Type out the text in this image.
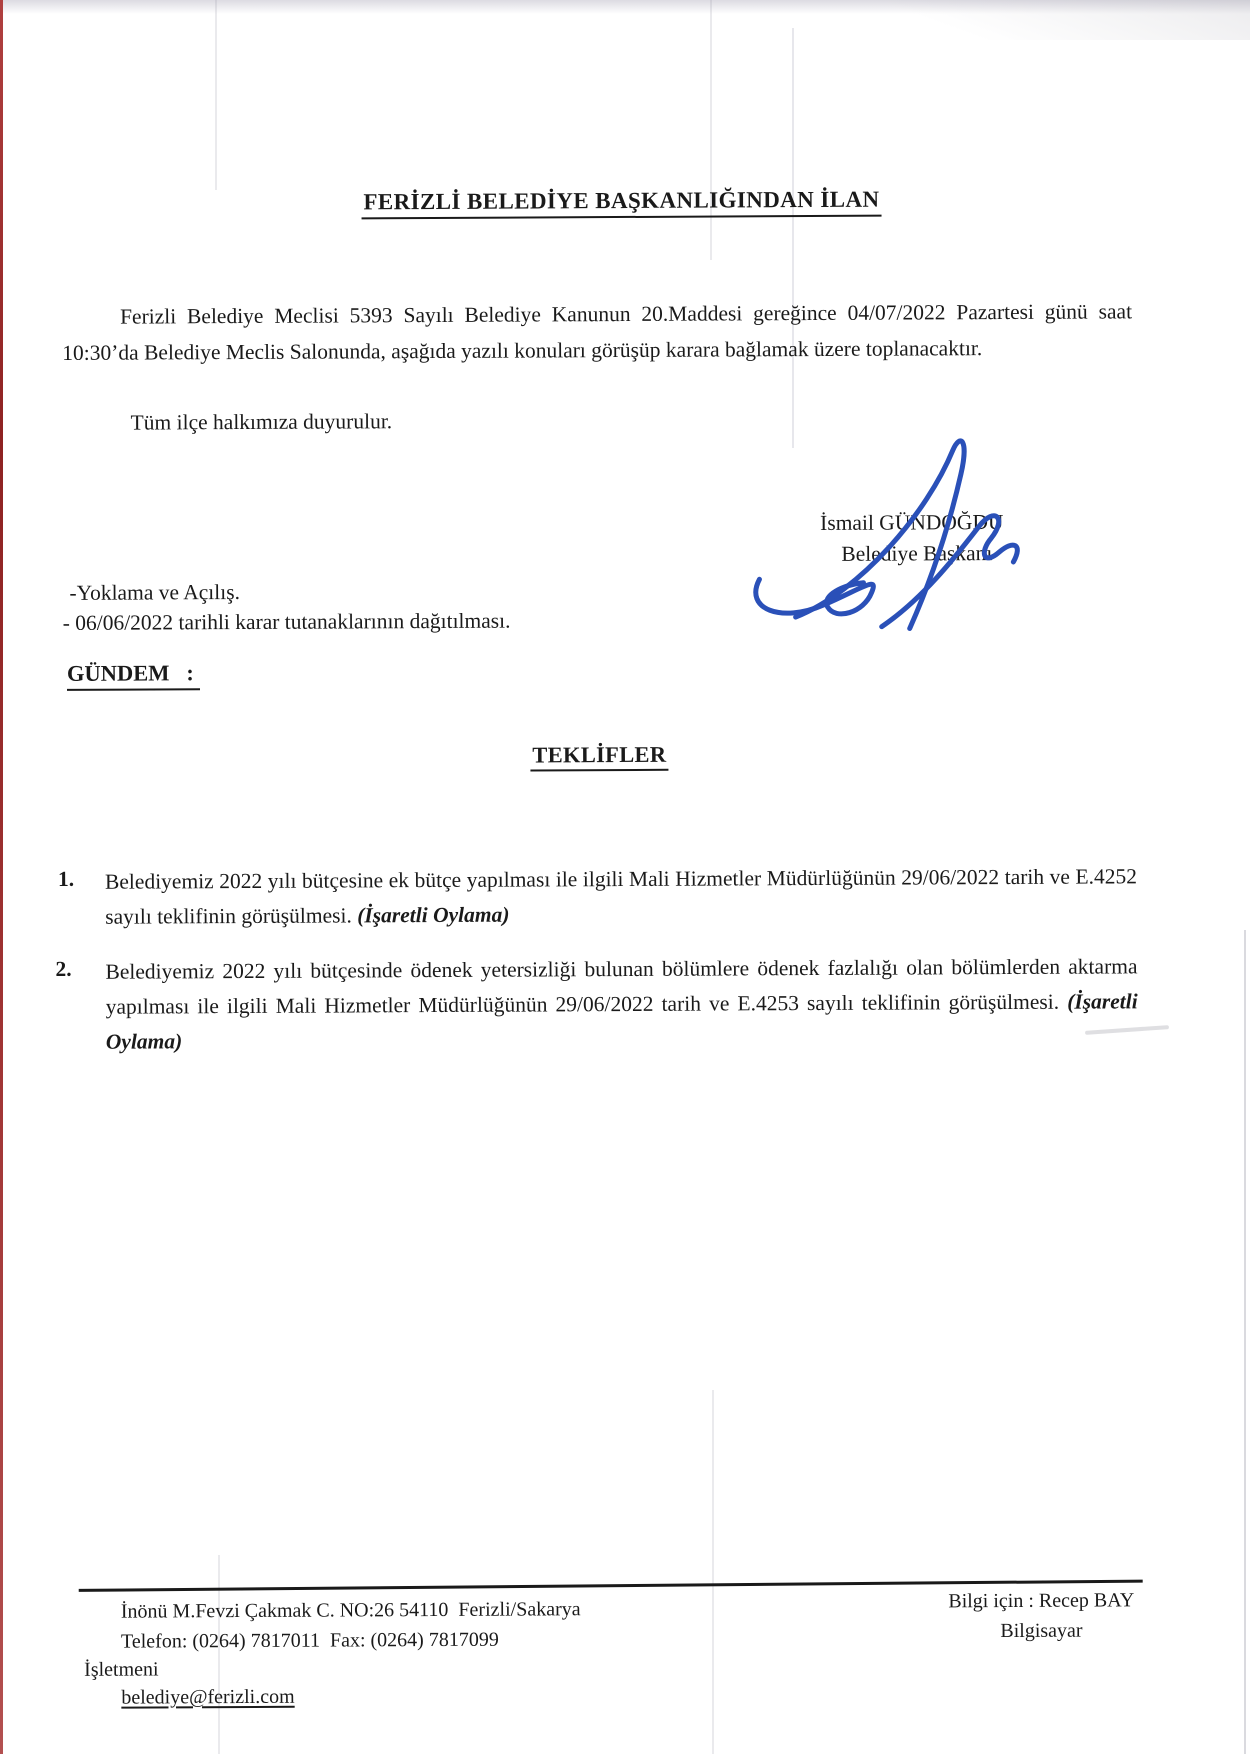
FERİZLİ BELEDİYE BAŞKANLIĞINDAN İLAN
Ferizli Belediye Meclisi 5393 Sayılı Belediye Kanunun 20.Maddesi gereğince 04/07/2022 Pazartesi günü saat 10:30’da Belediye Meclis Salonunda, aşağıda yazılı konuları görüşüp karara bağlamak üzere toplanacaktır.
Tüm ilçe halkımıza duyurulur.
İsmail GÜNDOĞDU
Belediye Başkanı
-Yoklama ve Açılış.
- 06/06/2022 tarihli karar tutanaklarının dağıtılması.
GÜNDEM   :
TEKLİFLER
1. Belediyemiz 2022 yılı bütçesine ek bütçe yapılması ile ilgili Mali Hizmetler Müdürlüğünün 29/06/2022 tarih ve E.4252 sayılı teklifinin görüşülmesi. (İşaretli Oylama)
2. Belediyemiz 2022 yılı bütçesinde ödenek yetersizliği bulunan bölümlere ödenek fazlalığı olan bölümlerden aktarma yapılması ile ilgili Mali Hizmetler Müdürlüğünün 29/06/2022 tarih ve E.4253 sayılı teklifinin görüşülmesi. (İşaretli Oylama)
İnönü M.Fevzi Çakmak C. NO:26 54110  Ferizli/Sakarya
Telefon: (0264) 7817011  Fax: (0264) 7817099
İşletmeni
belediye@ferizli.com
Bilgi için : Recep BAY
Bilgisayar
